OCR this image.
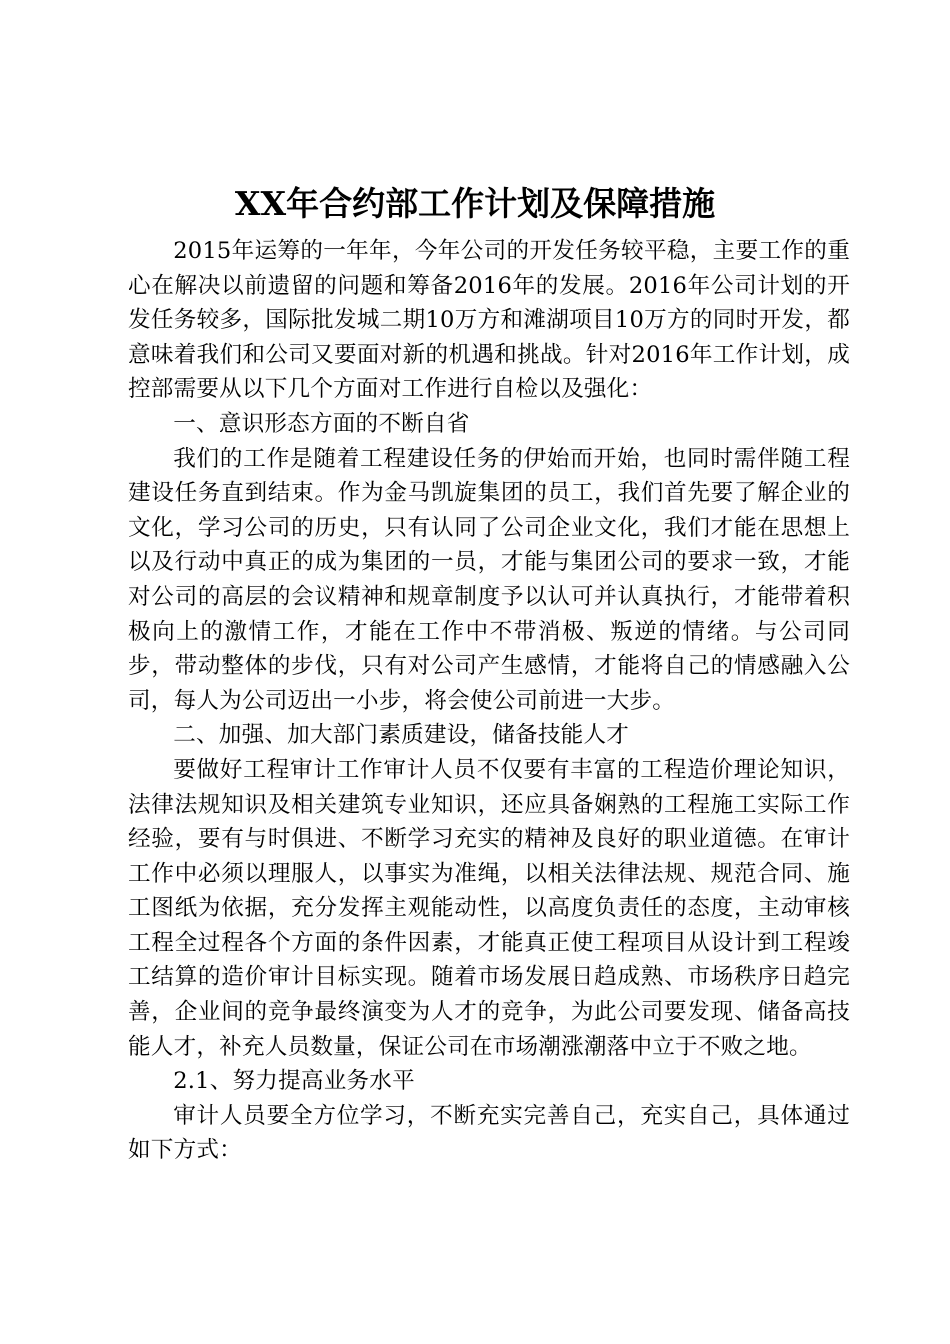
XX年合约部工作计划及保障措施

2015年运筹的一年年，今年公司的开发任务较平稳，主要工作的重心在解决以前遗留的问题和筹备2016年的发展。2016年公司计划的开发任务较多，国际批发城二期10万方和滩湖项目10万方的同时开发，都意味着我们和公司又要面对新的机遇和挑战。针对2016年工作计划，成控部需要从以下几个方面对工作进行自检以及强化：

一、意识形态方面的不断自省

我们的工作是随着工程建设任务的伊始而开始，也同时需伴随工程建设任务直到结束。作为金马凯旋集团的员工，我们首先要了解企业的文化，学习公司的历史，只有认同了公司企业文化，我们才能在思想上以及行动中真正的成为集团的一员，才能与集团公司的要求一致，才能对公司的高层的会议精神和规章制度予以认可并认真执行，才能带着积极向上的激情工作，才能在工作中不带消极、叛逆的情绪。与公司同步，带动整体的步伐，只有对公司产生感情，才能将自己的情感融入公司，每人为公司迈出一小步，将会使公司前进一大步。

二、加强、加大部门素质建设，储备技能人才

要做好工程审计工作审计人员不仅要有丰富的工程造价理论知识，法律法规知识及相关建筑专业知识，还应具备娴熟的工程施工实际工作经验，要有与时俱进、不断学习充实的精神及良好的职业道德。在审计工作中必须以理服人，以事实为准绳，以相关法律法规、规范合同、施工图纸为依据，充分发挥主观能动性，以高度负责任的态度，主动审核工程全过程各个方面的条件因素，才能真正使工程项目从设计到工程竣工结算的造价审计目标实现。随着市场发展日趋成熟、市场秩序日趋完善，企业间的竞争最终演变为人才的竞争，为此公司要发现、储备高技能人才，补充人员数量，保证公司在市场潮涨潮落中立于不败之地。

2.1、努力提高业务水平

审计人员要全方位学习，不断充实完善自己，充实自己，具体通过如下方式：
